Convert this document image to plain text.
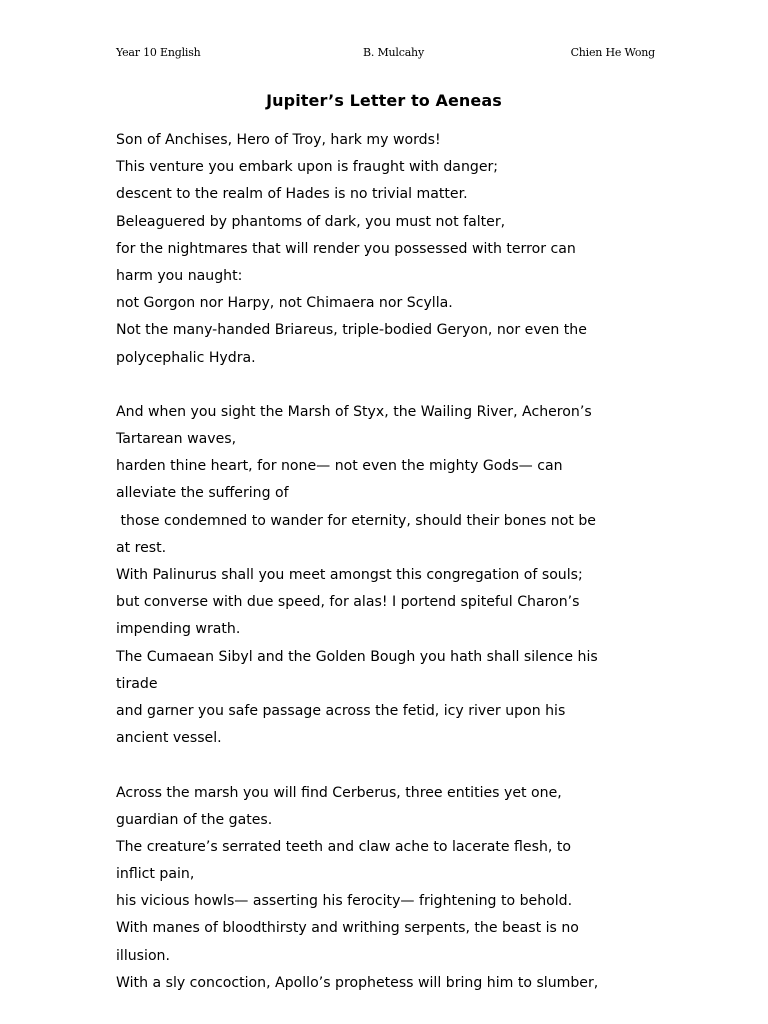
Year 10 English	B. Mulcahy	Chien He Wong
Jupiter’s Letter to Aeneas
Son of Anchises, Hero of Troy, hark my words!
This venture you embark upon is fraught with danger;
descent to the realm of Hades is no trivial matter.
Beleaguered by phantoms of dark, you must not falter,
for the nightmares that will render you possessed with terror can
harm you naught:
not Gorgon nor Harpy, not Chimaera nor Scylla.
Not the many-handed Briareus, triple-bodied Geryon, nor even the
polycephalic Hydra.
And when you sight the Marsh of Styx, the Wailing River, Acheron’s
Tartarean waves,
harden thine heart, for none— not even the mighty Gods— can
alleviate the suffering of
those condemned to wander for eternity, should their bones not be
at rest.
With Palinurus shall you meet amongst this congregation of souls;
but converse with due speed, for alas! I portend spiteful Charon’s
impending wrath.
The Cumaean Sibyl and the Golden Bough you hath shall silence his
tirade
and garner you safe passage across the fetid, icy river upon his
ancient vessel.
Across the marsh you will find Cerberus, three entities yet one,
guardian of the gates.
The creature’s serrated teeth and claw ache to lacerate flesh, to
inflict pain,
his vicious howls— asserting his ferocity— frightening to behold.
With manes of bloodthirsty and writhing serpents, the beast is no
illusion.
With a sly concoction, Apollo’s prophetess will bring him to slumber,
